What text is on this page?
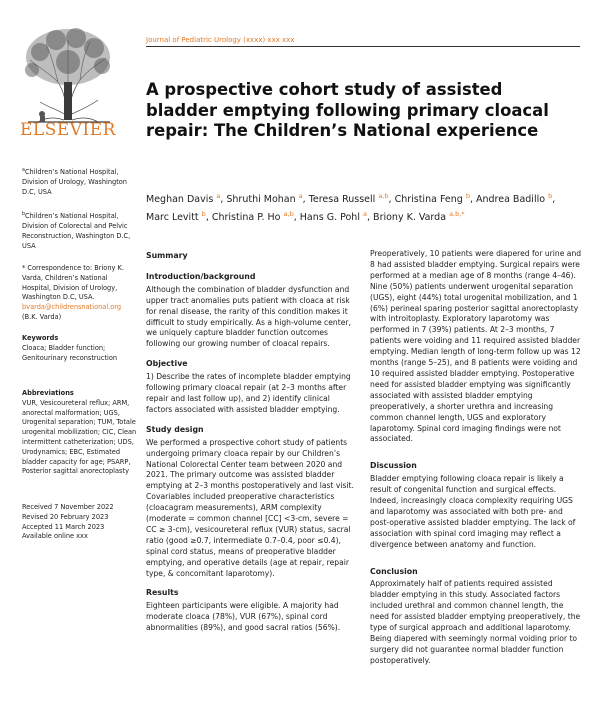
ELSEVIER
Journal of Pediatric Urology (xxxx) xxx xxx
A prospective cohort study of assisted bladder emptying following primary cloacal repair: The Children’s National experience
Meghan Davis $^a$, Shruthi Mohan $^a$, Teresa Russell $^{a,b}$, Christina Feng $^b$, Andrea Badillo $^b$, Marc Levitt $^b$, Christina P. Ho $^{a,b}$, Hans G. Pohl $^a$, Briony K. Varda $^{a,b,*}$
$^a$Children’s National Hospital, Division of Urology, Washington D.C, USA
$^b$Children’s National Hospital, Division of Colorectal and Pelvic Reconstruction, Washington D.C, USA
* Correspondence to: Briony K. Varda, Children’s National Hospital, Division of Urology, Washington D.C, USA. bvarda@childrensnational.org (B.K. Varda)
Keywords
Cloaca; Bladder function; Genitourinary reconstruction
Abbreviations
VUR, Vesicoureteral reflux; ARM, anorectal malformation; UGS, Urogenital separation; TUM, Totale urogenital mobilization; CIC, Clean intermittent catheterization; UDS, Urodynamics; EBC, Estimated bladder capacity for age; PSARP, Posterior sagittal anorectoplasty
Received 7 November 2022
Revised 20 February 2023
Accepted 11 March 2023
Available online xxx
Summary
Introduction/background

Although the combination of bladder dysfunction and upper tract anomalies puts patient with cloaca at risk for renal disease, the rarity of this condition makes it difficult to study empirically. As a high-volume center, we uniquely capture bladder function outcomes following our growing number of cloacal repairs.

Objective

1) Describe the rates of incomplete bladder emptying following primary cloacal repair (at 2–3 months after repair and last follow up), and 2) identify clinical factors associated with assisted bladder emptying.

Study design

We performed a prospective cohort study of patients undergoing primary cloaca repair by our Children’s National Colorectal Center team between 2020 and 2021. The primary outcome was assisted bladder emptying at 2–3 months postoperatively and last visit. Covariables included preoperative characteristics (cloacagram measurements), ARM complexity (moderate = common channel [CC] <3-cm, severe = CC ≥ 3-cm), vesicoureteral reflux (VUR) status, sacral ratio (good ≥0.7, intermediate 0.7–0.4, poor ≤0.4), spinal cord status, means of preoperative bladder emptying, and operative details (age at repair, repair type, & concomitant laparotomy).

Results

Eighteen participants were eligible. A majority had moderate cloaca (78%), VUR (67%), spinal cord abnormalities (89%), and good sacral ratios (56%).

Preoperatively, 10 patients were diapered for urine and 8 had assisted bladder emptying. Surgical repairs were performed at a median age of 8 months (range 4–46). Nine (50%) patients underwent urogenital separation (UGS), eight (44%) total urogenital mobilization, and 1 (6%) perineal sparing posterior sagittal anorectoplasty with introitoplasty. Exploratory laparotomy was performed in 7 (39%) patients. At 2–3 months, 7 patients were voiding and 11 required assisted bladder emptying. Median length of long-term follow up was 12 months (range 5–25), and 8 patients were voiding and 10 required assisted bladder emptying. Postoperative need for assisted bladder emptying was significantly associated with assisted bladder emptying preoperatively, a shorter urethra and increasing common channel length, UGS and exploratory laparotomy. Spinal cord imaging findings were not associated.

Discussion

Bladder emptying following cloaca repair is likely a result of congenital function and surgical effects. Indeed, increasingly cloaca complexity requiring UGS and laparotomy was associated with both pre- and post-operative assisted bladder emptying. The lack of association with spinal cord imaging may reflect a divergence between anatomy and function.

Conclusion

Approximately half of patients required assisted bladder emptying in this study. Associated factors included urethral and common channel length, the need for assisted bladder emptying preoperatively, the type of surgical approach and additional laparotomy. Being diapered with seemingly normal voiding prior to surgery did not guarantee normal bladder function postoperatively.
